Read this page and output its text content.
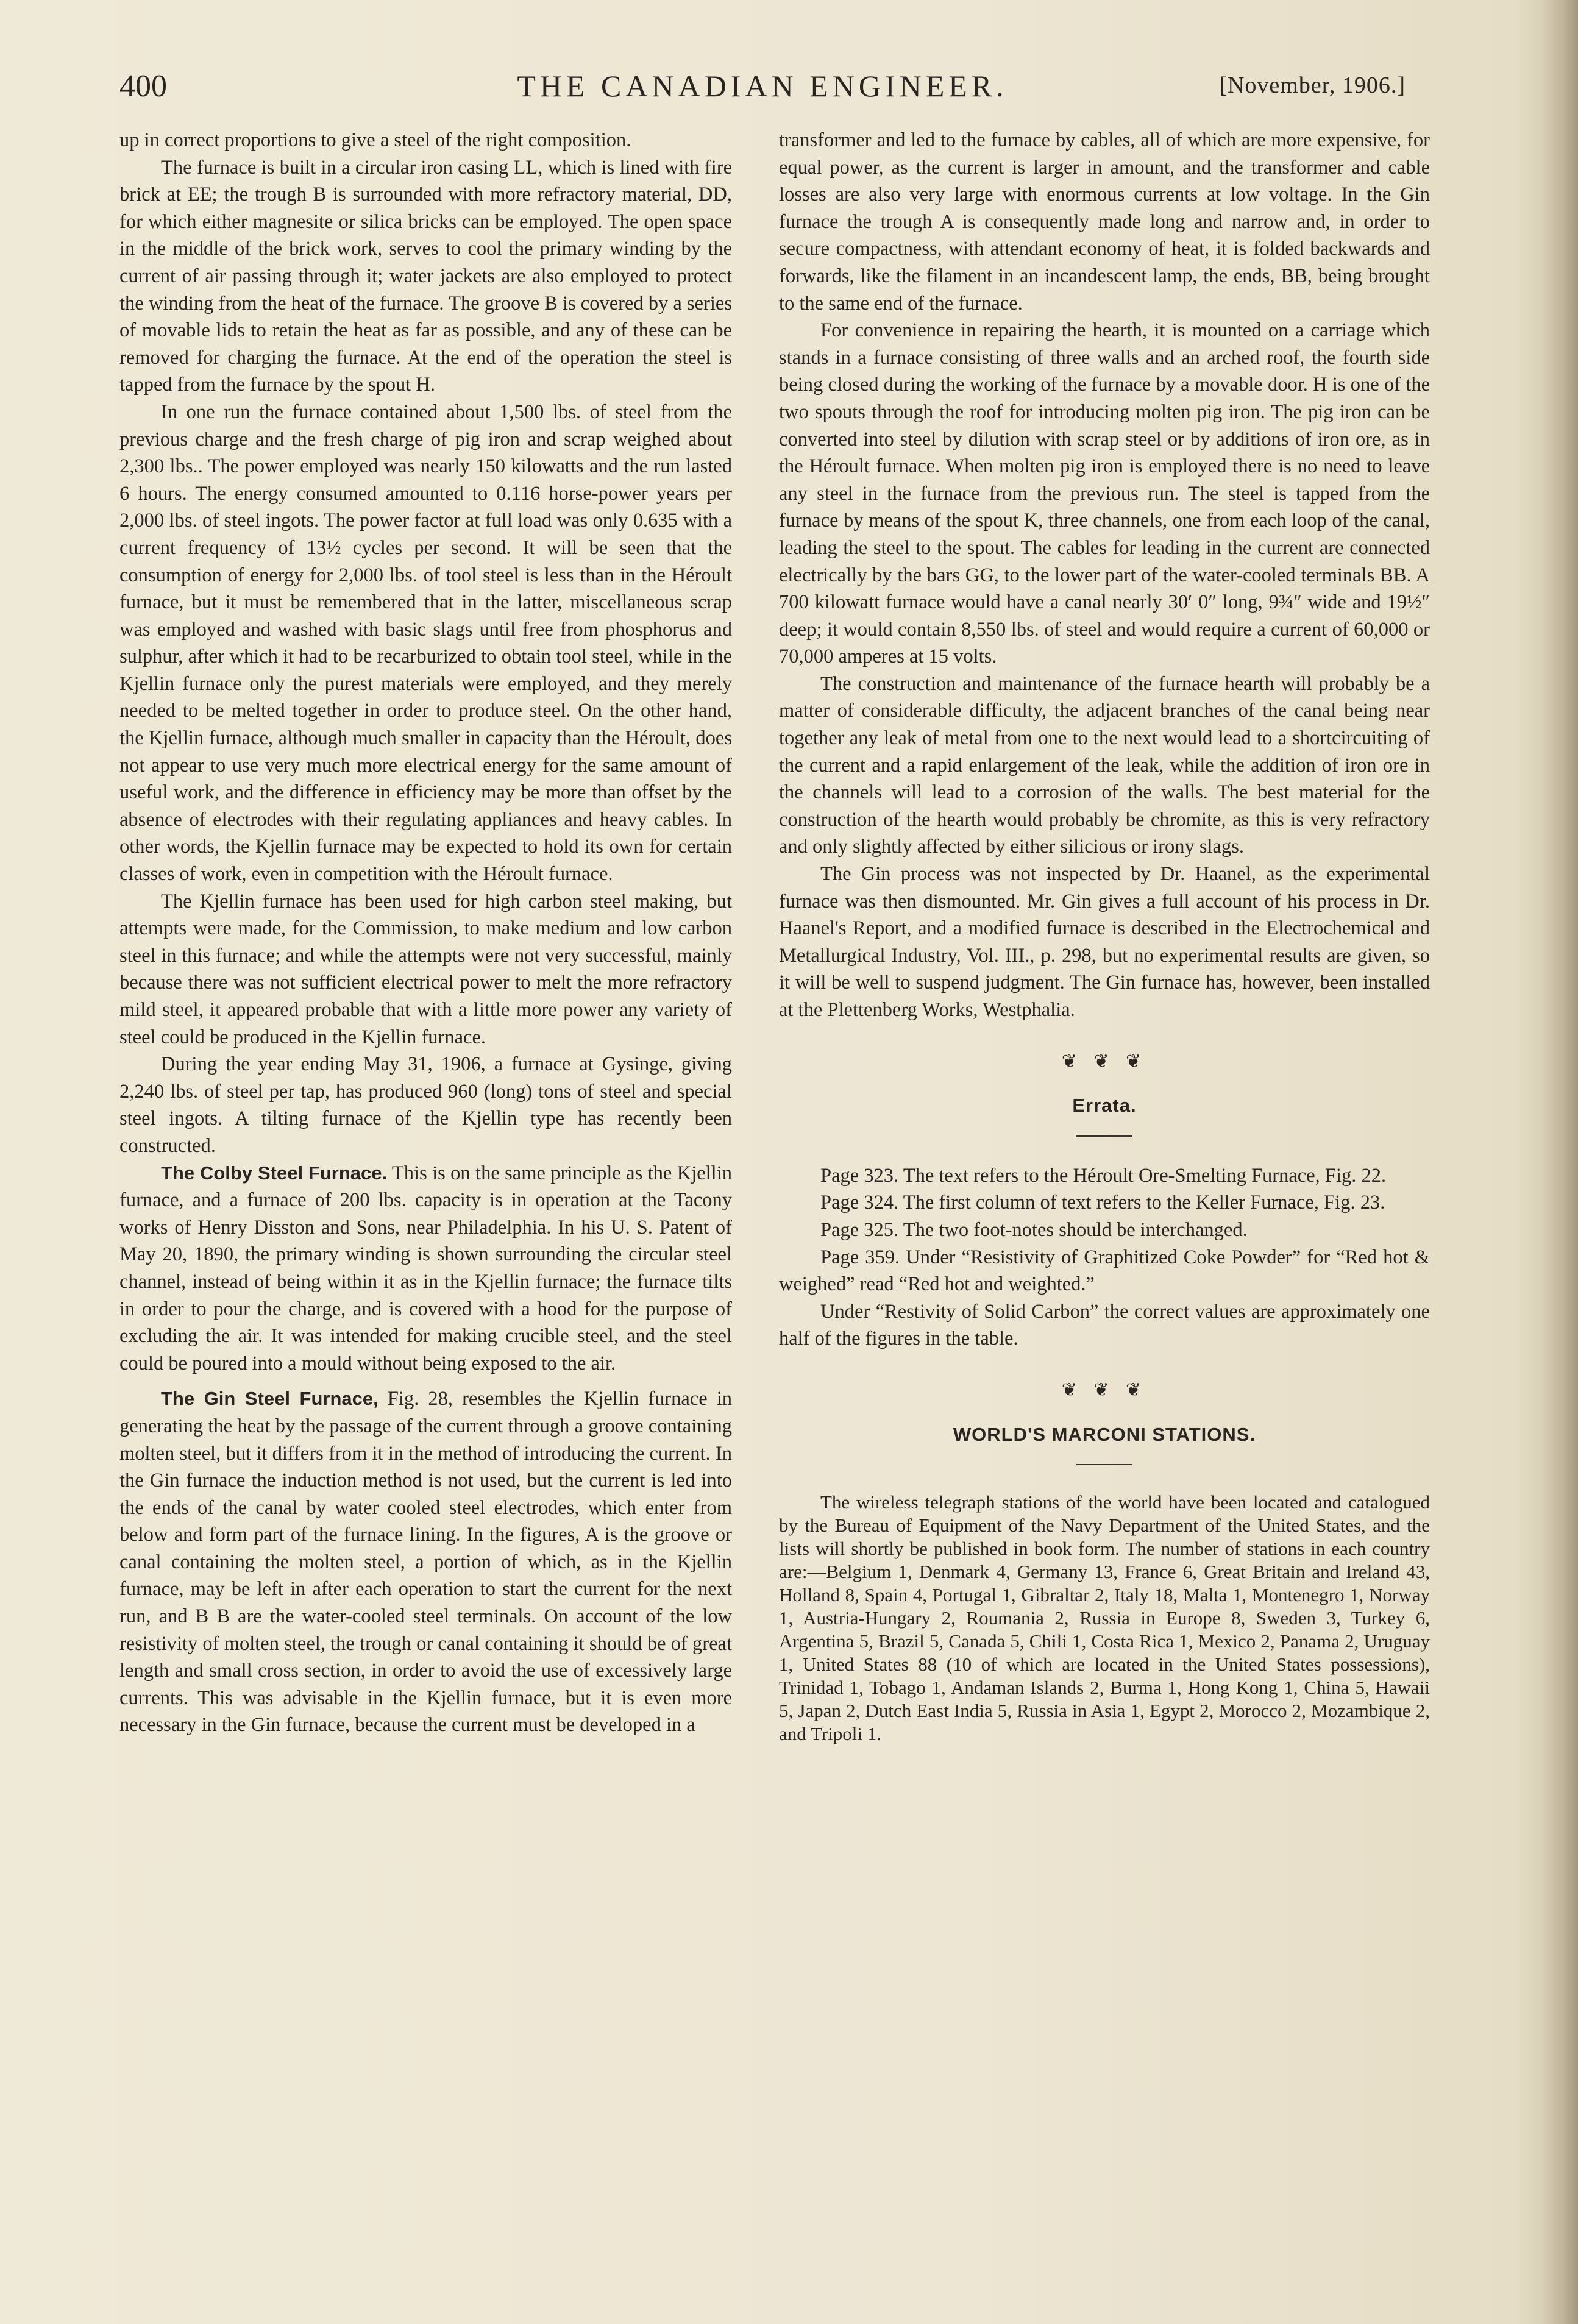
400	THE CANADIAN ENGINEER.	[November, 1906.]

up in correct proportions to give a steel of the right composition.

The furnace is built in a circular iron casing LL, which is lined with fire brick at EE; the trough B is surrounded with more refractory material, DD, for which either magnesite or silica bricks can be employed. The open space in the middle of the brick work, serves to cool the primary winding by the current of air passing through it; water jackets are also employed to protect the winding from the heat of the furnace. The groove B is covered by a series of movable lids to retain the heat as far as possible, and any of these can be removed for charging the furnace. At the end of the operation the steel is tapped from the furnace by the spout H.

In one run the furnace contained about 1,500 lbs. of steel from the previous charge and the fresh charge of pig iron and scrap weighed about 2,300 lbs.. The power employed was nearly 150 kilowatts and the run lasted 6 hours. The energy consumed amounted to 0.116 horse-power years per 2,000 lbs. of steel ingots. The power factor at full load was only 0.635 with a current frequency of 13½ cycles per second. It will be seen that the consumption of energy for 2,000 lbs. of tool steel is less than in the Héroult furnace, but it must be remembered that in the latter, miscellaneous scrap was employed and washed with basic slags until free from phosphorus and sulphur, after which it had to be recarburized to obtain tool steel, while in the Kjellin furnace only the purest materials were employed, and they merely needed to be melted together in order to produce steel. On the other hand, the Kjellin furnace, although much smaller in capacity than the Héroult, does not appear to use very much more electrical energy for the same amount of useful work, and the difference in efficiency may be more than offset by the absence of electrodes with their regulating appliances and heavy cables. In other words, the Kjellin furnace may be expected to hold its own for certain classes of work, even in competition with the Héroult furnace.

The Kjellin furnace has been used for high carbon steel making, but attempts were made, for the Commission, to make medium and low carbon steel in this furnace; and while the attempts were not very successful, mainly because there was not sufficient electrical power to melt the more refractory mild steel, it appeared probable that with a little more power any variety of steel could be produced in the Kjellin furnace.

During the year ending May 31, 1906, a furnace at Gysinge, giving 2,240 lbs. of steel per tap, has produced 960 (long) tons of steel and special steel ingots. A tilting furnace of the Kjellin type has recently been constructed.

The Colby Steel Furnace. This is on the same principle as the Kjellin furnace, and a furnace of 200 lbs. capacity is in operation at the Tacony works of Henry Disston and Sons, near Philadelphia. In his U. S. Patent of May 20, 1890, the primary winding is shown surrounding the circular steel channel, instead of being within it as in the Kjellin furnace; the furnace tilts in order to pour the charge, and is covered with a hood for the purpose of excluding the air. It was intended for making crucible steel, and the steel could be poured into a mould without being exposed to the air.

The Gin Steel Furnace, Fig. 28, resembles the Kjellin furnace in generating the heat by the passage of the current through a groove containing molten steel, but it differs from it in the method of introducing the current. In the Gin furnace the induction method is not used, but the current is led into the ends of the canal by water cooled steel electrodes, which enter from below and form part of the furnace lining. In the figures, A is the groove or canal containing the molten steel, a portion of which, as in the Kjellin furnace, may be left in after each operation to start the current for the next run, and B B are the water-cooled steel terminals. On account of the low resistivity of molten steel, the trough or canal containing it should be of great length and small cross section, in order to avoid the use of excessively large currents. This was advisable in the Kjellin furnace, but it is even more necessary in the Gin furnace, because the current must be developed in a

transformer and led to the furnace by cables, all of which are more expensive, for equal power, as the current is larger in amount, and the transformer and cable losses are also very large with enormous currents at low voltage. In the Gin furnace the trough A is consequently made long and narrow and, in order to secure compactness, with attendant economy of heat, it is folded backwards and forwards, like the filament in an incandescent lamp, the ends, BB, being brought to the same end of the furnace.

For convenience in repairing the hearth, it is mounted on a carriage which stands in a furnace consisting of three walls and an arched roof, the fourth side being closed during the working of the furnace by a movable door. H is one of the two spouts through the roof for introducing molten pig iron. The pig iron can be converted into steel by dilution with scrap steel or by additions of iron ore, as in the Héroult furnace. When molten pig iron is employed there is no need to leave any steel in the furnace from the previous run. The steel is tapped from the furnace by means of the spout K, three channels, one from each loop of the canal, leading the steel to the spout. The cables for leading in the current are connected electrically by the bars GG, to the lower part of the water-cooled terminals BB. A 700 kilowatt furnace would have a canal nearly 30′ 0″ long, 9¾″ wide and 19½″ deep; it would contain 8,550 lbs. of steel and would require a current of 60,000 or 70,000 amperes at 15 volts.

The construction and maintenance of the furnace hearth will probably be a matter of considerable difficulty, the adjacent branches of the canal being near together any leak of metal from one to the next would lead to a shortcircuiting of the current and a rapid enlargement of the leak, while the addition of iron ore in the channels will lead to a corrosion of the walls. The best material for the construction of the hearth would probably be chromite, as this is very refractory and only slightly affected by either silicious or irony slags.

The Gin process was not inspected by Dr. Haanel, as the experimental furnace was then dismounted. Mr. Gin gives a full account of his process in Dr. Haanel's Report, and a modified furnace is described in the Electrochemical and Metallurgical Industry, Vol. III., p. 298, but no experimental results are given, so it will be well to suspend judgment. The Gin furnace has, however, been installed at the Plettenberg Works, Westphalia.

❦ ❦ ❦
Errata.

Page 323. The text refers to the Héroult Ore-Smelting Furnace, Fig. 22.

Page 324. The first column of text refers to the Keller Furnace, Fig. 23.

Page 325. The two foot-notes should be interchanged.

Page 359. Under “Resistivity of Graphitized Coke Powder” for “Red hot & weighed” read “Red hot and weighted.”

Under “Restivity of Solid Carbon” the correct values are approximately one half of the figures in the table.

❦ ❦ ❦
WORLD'S MARCONI STATIONS.

The wireless telegraph stations of the world have been located and catalogued by the Bureau of Equipment of the Navy Department of the United States, and the lists will shortly be published in book form. The number of stations in each country are:—Belgium 1, Denmark 4, Germany 13, France 6, Great Britain and Ireland 43, Holland 8, Spain 4, Portugal 1, Gibraltar 2, Italy 18, Malta 1, Montenegro 1, Norway 1, Austria-Hungary 2, Roumania 2, Russia in Europe 8, Sweden 3, Turkey 6, Argentina 5, Brazil 5, Canada 5, Chili 1, Costa Rica 1, Mexico 2, Panama 2, Uruguay 1, United States 88 (10 of which are located in the United States possessions), Trinidad 1, Tobago 1, Andaman Islands 2, Burma 1, Hong Kong 1, China 5, Hawaii 5, Japan 2, Dutch East India 5, Russia in Asia 1, Egypt 2, Morocco 2, Mozambique 2, and Tripoli 1.
